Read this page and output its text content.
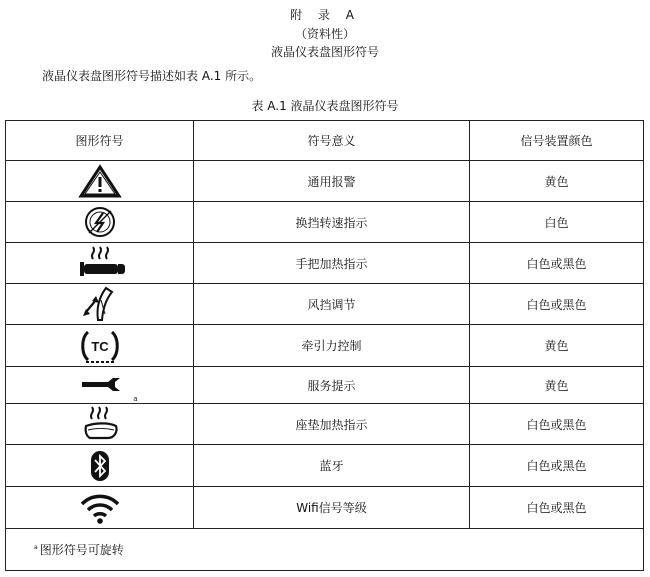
附 录 A
（资料性）
液晶仪表盘图形符号
液晶仪表盘图形符号描述如表 A.1 所示。
表 A.1 液晶仪表盘图形符号
图形符号	符号意义	信号装置颜色

	通用报警	黄色

	换挡转速指示	白色

	手把加热指示	白色或黑色

	风挡调节	白色或黑色

TC	牵引力控制	黄色

a	服务提示	黄色

	座垫加热指示	白色或黑色

	蓝牙	白色或黑色

	Wifi信号等级	白色或黑色
$^a$ 图形符号可旋转		
